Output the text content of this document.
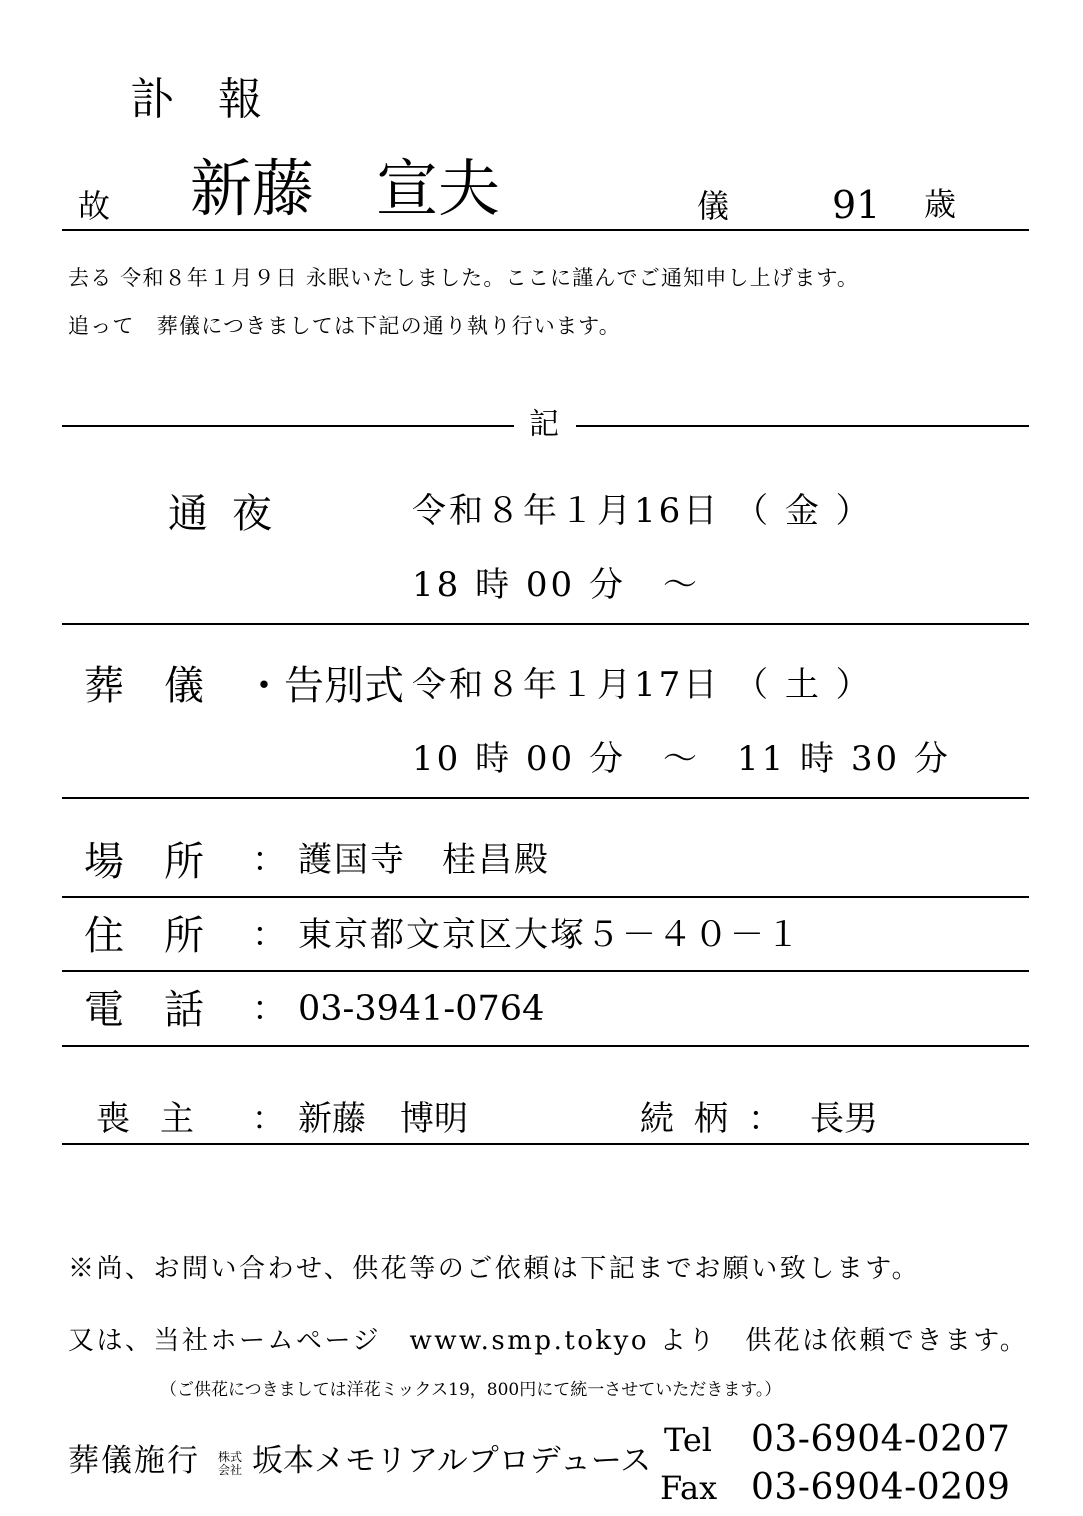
訃報
故 新藤　宣夫	儀	91 歳
去る 令和８年１月９日 永眠いたしました。ここに謹んでご通知申し上げます。
追って　葬儀につきましては下記の通り執り行います。
記
通夜	令和８年１月16日 （ 金 ）
18 時 00 分　～
葬　儀　・告別式 令和８年１月17日 （ 土 ）
10 時 00 分　～　11 時 30 分
場所 ： 護国寺　桂昌殿
住所 ： 東京都文京区大塚５－４０－１
電話 ： 03-3941-0764
喪主 ： 新藤　博明	続柄： 長男
※尚、お問い合わせ、供花等のご依頼は下記までお願い致します。
又は、当社ホームページ　www.smp.tokyo より　供花は依頼できます。
（ご供花につきましては洋花ミックス19，800円にて統一させていただきます。）
葬儀施行 株式会社 坂本メモリアルプロデュース
Tel 03-6904-0207
Fax 03-6904-0209
